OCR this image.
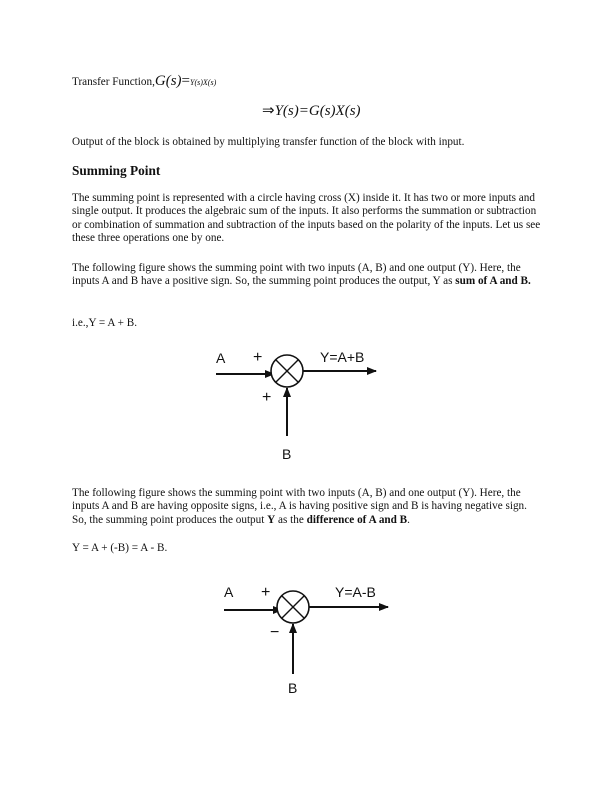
Transfer Function,G(s)=Y(s)X(s)
⇒Y(s)=G(s)X(s)
Output of the block is obtained by multiplying transfer function of the block with input.
Summing Point
The summing point is represented with a circle having cross (X) inside it. It has two or more inputs and single output. It produces the algebraic sum of the inputs. It also performs the summation or subtraction or combination of summation and subtraction of the inputs based on the polarity of the inputs. Let us see these three operations one by one.
The following figure shows the summing point with two inputs (A, B) and one output (Y). Here, the inputs A and B have a positive sign. So, the summing point produces the output, Y as sum of A and B.
i.e.,Y = A + B.
A +
+
Y=A+B
B
The following figure shows the summing point with two inputs (A, B) and one output (Y). Here, the inputs A and B are having opposite signs, i.e., A is having positive sign and B is having negative sign. So, the summing point produces the output Y as the difference of A and B.
Y = A + (-B) = A - B.
A +
−
Y=A-B
B
